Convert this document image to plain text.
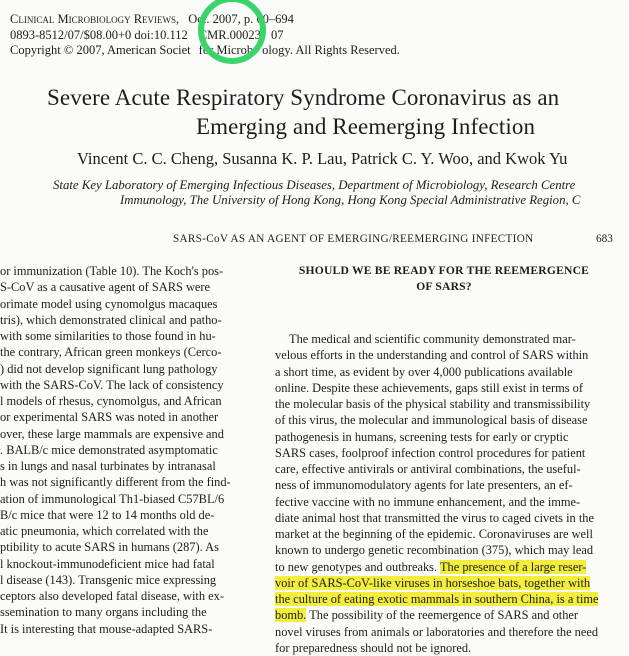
Clinical Microbiology Reviews, Oct. 2007, p. 60–694
0893-8512/07/$08.00+0 doi:10.112 CMR.00023 07
Copyright © 2007, American Societ for Microb ology. All Rights Reserved.
Severe Acute Respiratory Syndrome Coronavirus as an
Emerging and Reemerging Infection
Vincent C. C. Cheng, Susanna K. P. Lau, Patrick C. Y. Woo, and Kwok Yu
State Key Laboratory of Emerging Infectious Diseases, Department of Microbiology, Research Centre
Immunology, The University of Hong Kong, Hong Kong Special Administrative Region, C
SARS-CoV AS AN AGENT OF EMERGING/REEMERGING INFECTION	683
or immunization (Table 10). The Koch's pos-
S-CoV as a causative agent of SARS were
orimate model using cynomolgus macaques
tris), which demonstrated clinical and patho-
with some similarities to those found in hu-
the contrary, African green monkeys (Cerco-
) did not develop significant lung pathology
with the SARS-CoV. The lack of consistency
l models of rhesus, cynomolgus, and African
or experimental SARS was noted in another
over, these large mammals are expensive and
. BALB/c mice demonstrated asymptomatic
s in lungs and nasal turbinates by intranasal
h was not significantly different from the find-
ation of immunological Th1-biased C57BL/6
B/c mice that were 12 to 14 months old de-
atic pneumonia, which correlated with the
ptibility to acute SARS in humans (287). As
l knockout-immunodeficient mice had fatal
l disease (143). Transgenic mice expressing
ceptors also developed fatal disease, with ex-
ssemination to many organs including the
It is interesting that mouse-adapted SARS-
SHOULD WE BE READY FOR THE REEMERGENCE
OF SARS?
The medical and scientific community demonstrated mar-
velous efforts in the understanding and control of SARS within
a short time, as evident by over 4,000 publications available
online. Despite these achievements, gaps still exist in terms of
the molecular basis of the physical stability and transmissibility
of this virus, the molecular and immunological basis of disease
pathogenesis in humans, screening tests for early or cryptic
SARS cases, foolproof infection control procedures for patient
care, effective antivirals or antiviral combinations, the useful-
ness of immunomodulatory agents for late presenters, an ef-
fective vaccine with no immune enhancement, and the imme-
diate animal host that transmitted the virus to caged civets in the
market at the beginning of the epidemic. Coronaviruses are well
known to undergo genetic recombination (375), which may lead
to new genotypes and outbreaks. The presence of a large reser-
voir of SARS-CoV-like viruses in horseshoe bats, together with
the culture of eating exotic mammals in southern China, is a time
bomb. The possibility of the reemergence of SARS and other
novel viruses from animals or laboratories and therefore the need
for preparedness should not be ignored.
